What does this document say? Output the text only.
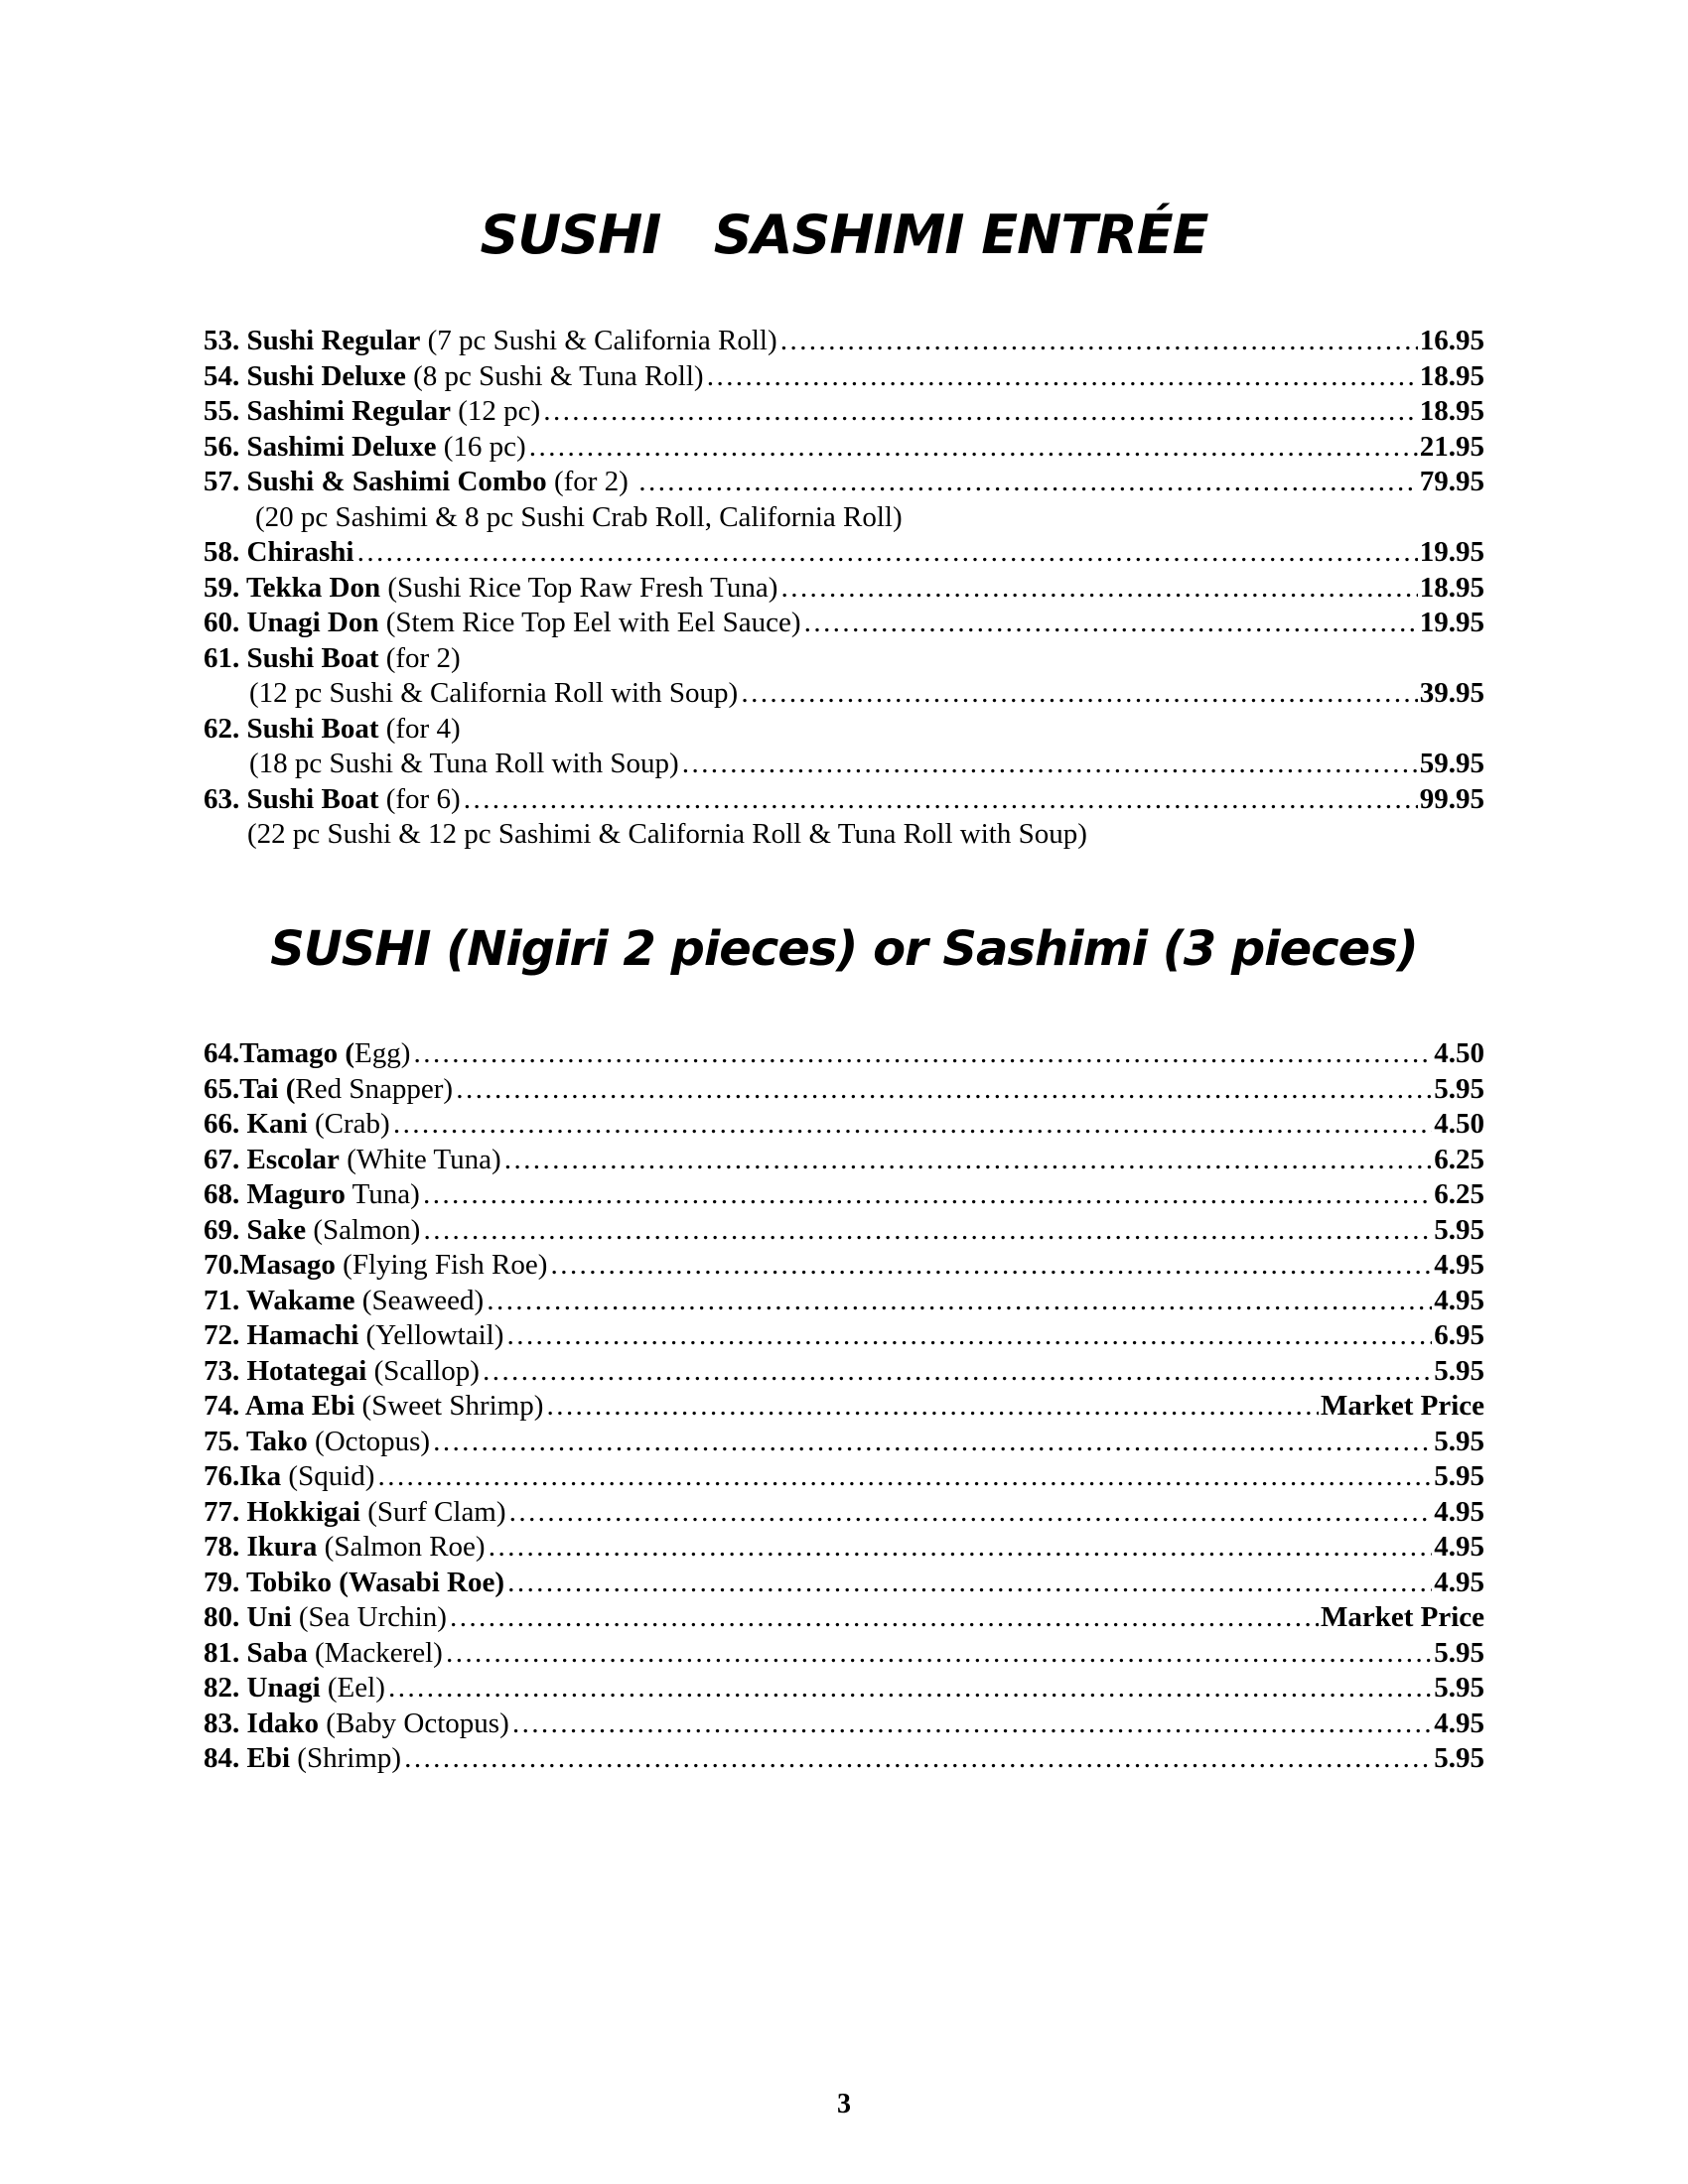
SUSHI   SASHIMI ENTRÉE
53. Sushi Regular (7 pc Sushi & California Roll) ………………………………………………………………………………………………………………………………………………………………………………………………………………………………	16.95
54. Sushi Deluxe (8 pc Sushi & Tuna Roll) ………………………………………………………………………………………………………………………………………………………………………………………………………………………………	18.95
55. Sashimi Regular (12 pc) ………………………………………………………………………………………………………………………………………………………………………………………………………………………………	18.95
56. Sashimi Deluxe (16 pc) ………………………………………………………………………………………………………………………………………………………………………………………………………………………………	21.95
57. Sushi & Sashimi Combo (for 2) ………………………………………………………………………………………………………………………………………………………………………………………………………………………………	79.95
(20 pc Sashimi & 8 pc Sushi Crab Roll, California Roll)
58. Chirashi ………………………………………………………………………………………………………………………………………………………………………………………………………………………………	19.95
59. Tekka Don (Sushi Rice Top Raw Fresh Tuna) ………………………………………………………………………………………………………………………………………………………………………………………………………………………………	18.95
60. Unagi Don (Stem Rice Top Eel with Eel Sauce) ………………………………………………………………………………………………………………………………………………………………………………………………………………………………	19.95
61. Sushi Boat (for 2)
(12 pc Sushi & California Roll with Soup) ………………………………………………………………………………………………………………………………………………………………………………………………………………………………	39.95
62. Sushi Boat (for 4)
(18 pc Sushi & Tuna Roll with Soup) ………………………………………………………………………………………………………………………………………………………………………………………………………………………………	59.95
63. Sushi Boat (for 6) ………………………………………………………………………………………………………………………………………………………………………………………………………………………………	99.95
(22 pc Sushi & 12 pc Sashimi & California Roll & Tuna Roll with Soup)
SUSHI (Nigiri 2 pieces) or Sashimi (3 pieces)
64.Tamago (Egg) ………………………………………………………………………………………………………………………………………………………………………………………………………………………………	4.50
65.Tai (Red Snapper) ………………………………………………………………………………………………………………………………………………………………………………………………………………………………	5.95
66. Kani (Crab) ………………………………………………………………………………………………………………………………………………………………………………………………………………………………	4.50
67. Escolar (White Tuna) ………………………………………………………………………………………………………………………………………………………………………………………………………………………………	6.25
68. Maguro Tuna) ………………………………………………………………………………………………………………………………………………………………………………………………………………………………	6.25
69. Sake (Salmon) ………………………………………………………………………………………………………………………………………………………………………………………………………………………………	5.95
70.Masago (Flying Fish Roe) ………………………………………………………………………………………………………………………………………………………………………………………………………………………………	4.95
71. Wakame (Seaweed) ………………………………………………………………………………………………………………………………………………………………………………………………………………………………	4.95
72. Hamachi (Yellowtail) ………………………………………………………………………………………………………………………………………………………………………………………………………………………………	6.95
73. Hotategai (Scallop) ………………………………………………………………………………………………………………………………………………………………………………………………………………………………	5.95
74. Ama Ebi (Sweet Shrimp) ………………………………………………………………………………………………………………………………………………………………………………………………………………………………	Market Price
75. Tako (Octopus) ………………………………………………………………………………………………………………………………………………………………………………………………………………………………	5.95
76.Ika (Squid) ………………………………………………………………………………………………………………………………………………………………………………………………………………………………	5.95
77. Hokkigai (Surf Clam) ………………………………………………………………………………………………………………………………………………………………………………………………………………………………	4.95
78. Ikura (Salmon Roe) ………………………………………………………………………………………………………………………………………………………………………………………………………………………………	4.95
79. Tobiko (Wasabi Roe) ………………………………………………………………………………………………………………………………………………………………………………………………………………………………	4.95
80. Uni (Sea Urchin) ………………………………………………………………………………………………………………………………………………………………………………………………………………………………	Market Price
81. Saba (Mackerel) ………………………………………………………………………………………………………………………………………………………………………………………………………………………………	5.95
82. Unagi (Eel) ………………………………………………………………………………………………………………………………………………………………………………………………………………………………	5.95
83. Idako (Baby Octopus) ………………………………………………………………………………………………………………………………………………………………………………………………………………………………	4.95
84. Ebi (Shrimp) ………………………………………………………………………………………………………………………………………………………………………………………………………………………………	5.95
3
